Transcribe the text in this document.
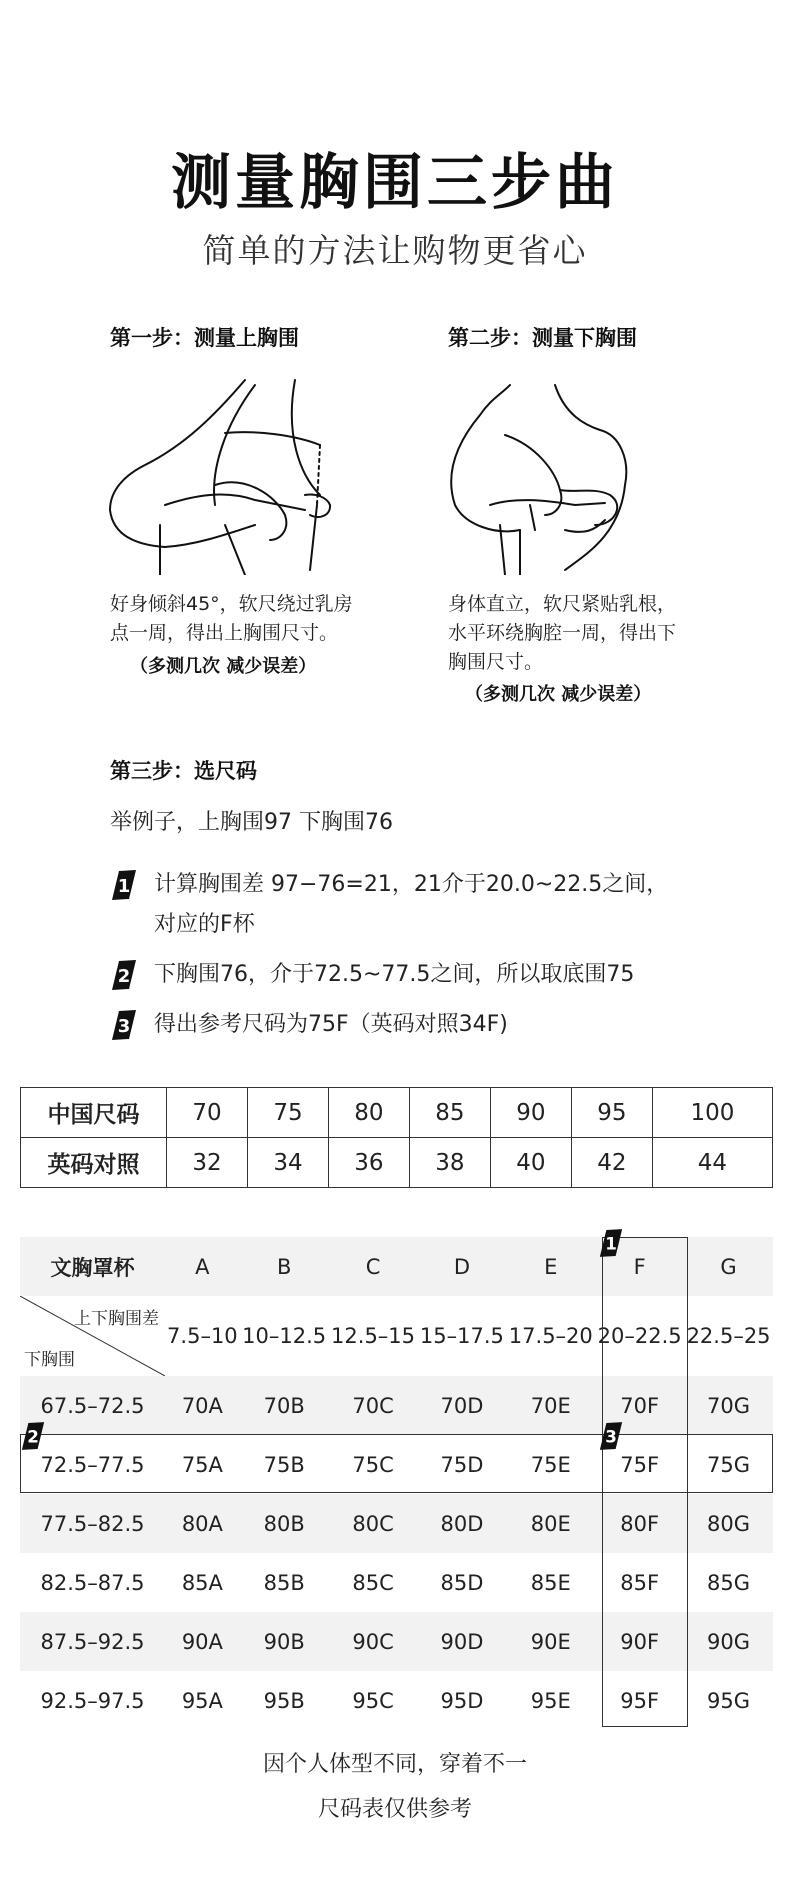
测量胸围三步曲
简单的方法让购物更省心
第一步：测量上胸围
好身倾斜45°，软尺绕过乳房
点一周，得出上胸围尺寸。
（多测几次 减少误差）
第二步：测量下胸围
身体直立，软尺紧贴乳根，
水平环绕胸腔一周，得出下
胸围尺寸。
（多测几次 减少误差）
第三步：选尺码
举例子，上胸围97 下胸围76
1 计算胸围差 97−76=21，21介于20.0~22.5之间，
对应的F杯
2 下胸围76，介于72.5~77.5之间，所以取底围75
3 得出参考尺码为75F（英码对照34F)
中国尺码	70	75	80	85	90	95	100
英码对照	32	34	36	38	40	42	44
文胸罩杯	A	B	C	D	E	F	G

上下胸围差
下胸围	7.5–10	10–12.5	12.5–15	15–17.5	17.5–20	20–22.5	22.5–25
67.5–72.5	70A	70B	70C	70D	70E	70F	70G
72.5–77.5	75A	75B	75C	75D	75E	75F	75G
77.5–82.5	80A	80B	80C	80D	80E	80F	80G
82.5–87.5	85A	85B	85C	85D	85E	85F	85G
87.5–92.5	90A	90B	90C	90D	90E	90F	90G
92.5–97.5	95A	95B	95C	95D	95E	95F	95G
1
2	3
因个人体型不同，穿着不一
尺码表仅供参考
